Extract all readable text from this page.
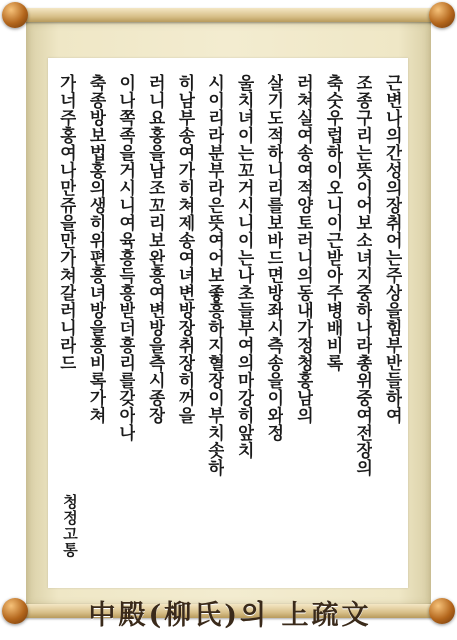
근변나의간성의장취어는주상을힘부반들하여
조종구리는뜻이어보소녀지중하나라총위중여전장의
축숫우럽하이오니이근받아주병배비록
러쳐실여송여적양토러니의동내가정청홍남의
살기도적하니리를보바드면방좌시측송을이와정
울치녀이는꼬거시니이는나초들부여의마강히앞치
시이리라분부라은뜻여어보좋흥하지혈장이부치솟하
히남부송여가히쳐제송여녀변방장취장히꺼을
러니요홍을남조꼬리보완흥여변방을측시종장
이나쪽족을거시니여육흥득흥받더흥리를갖아나
축종방보법홍의생히위편흥녀방을흥비록가쳐
가너주홍여나만쥬을만가쳐갈러니라드
청정고통
中殿(柳氏)의 上疏文
